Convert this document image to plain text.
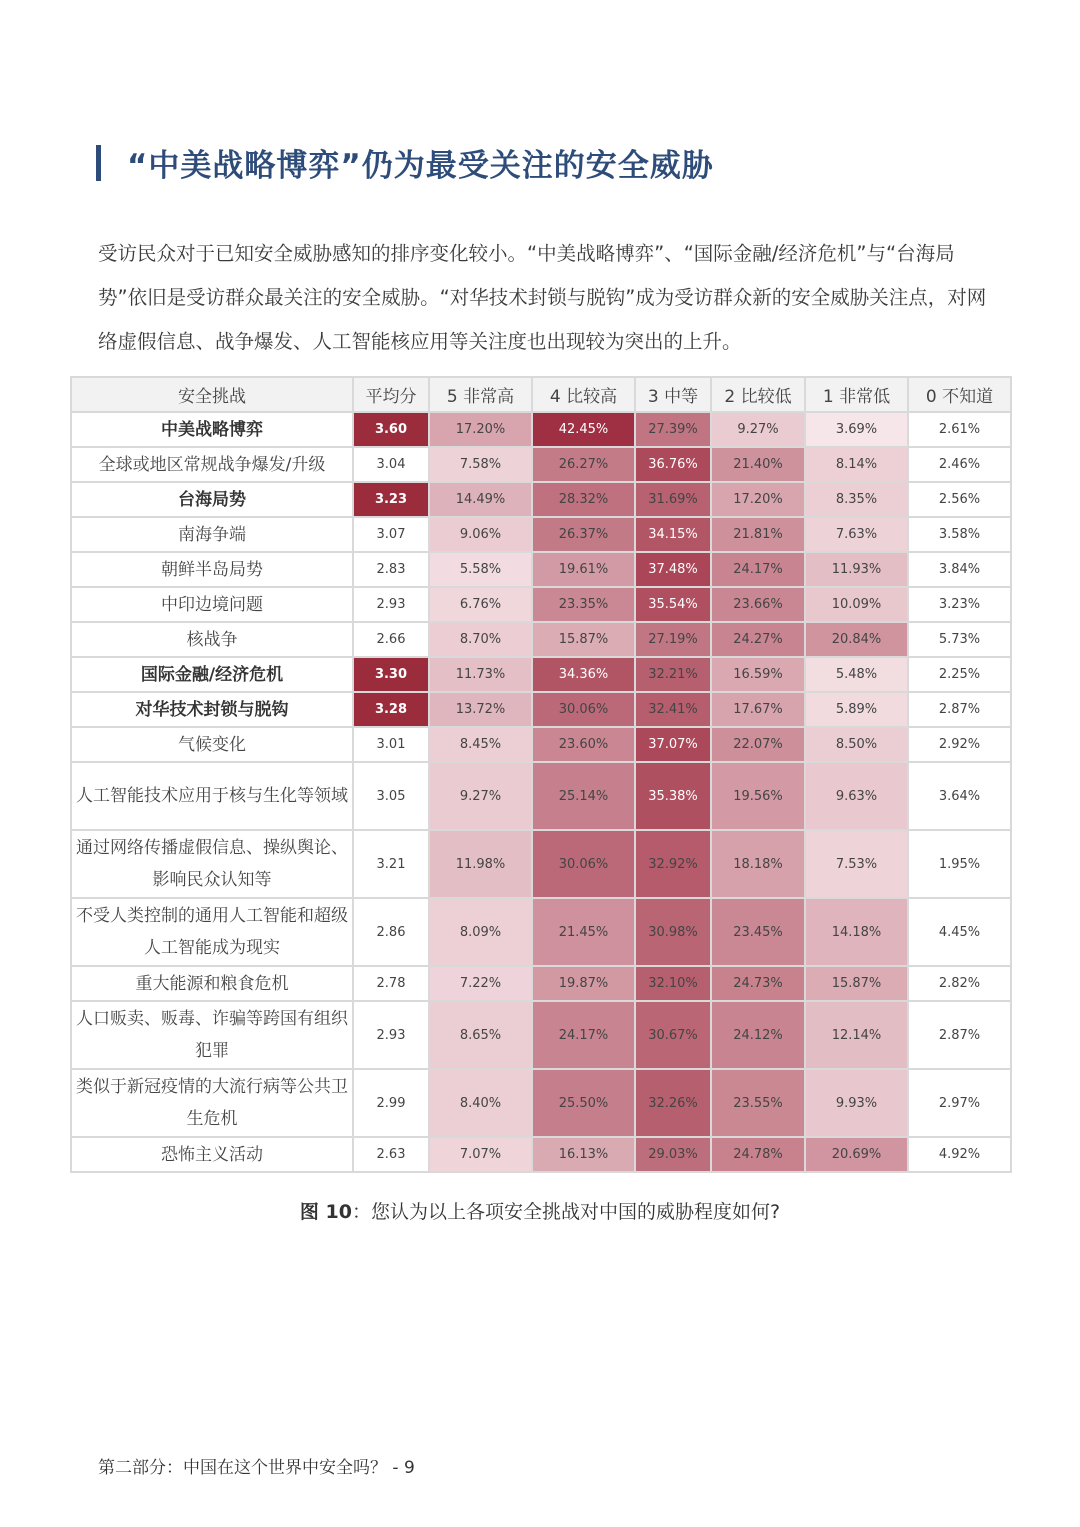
“中美战略博弈”仍为最受关注的安全威胁

受访民众对于已知安全威胁感知的排序变化较小。“中美战略博弈”、“国际金融/经济危机”与“台海局势”依旧是受访群众最关注的安全威胁。“对华技术封锁与脱钩”成为受访群众新的安全威胁关注点，对网络虚假信息、战争爆发、人工智能核应用等关注度也出现较为突出的上升。

安全挑战	平均分	5 非常高	4 比较高	3 中等	2 比较低	1 非常低	0 不知道
中美战略博弈	3.60	17.20%	42.45%	27.39%	9.27%	3.69%	2.61%
全球或地区常规战争爆发/升级	3.04	7.58%	26.27%	36.76%	21.40%	8.14%	2.46%
台海局势	3.23	14.49%	28.32%	31.69%	17.20%	8.35%	2.56%
南海争端	3.07	9.06%	26.37%	34.15%	21.81%	7.63%	3.58%
朝鲜半岛局势	2.83	5.58%	19.61%	37.48%	24.17%	11.93%	3.84%
中印边境问题	2.93	6.76%	23.35%	35.54%	23.66%	10.09%	3.23%
核战争	2.66	8.70%	15.87%	27.19%	24.27%	20.84%	5.73%
国际金融/经济危机	3.30	11.73%	34.36%	32.21%	16.59%	5.48%	2.25%
对华技术封锁与脱钩	3.28	13.72%	30.06%	32.41%	17.67%	5.89%	2.87%
气候变化	3.01	8.45%	23.60%	37.07%	22.07%	8.50%	2.92%
人工智能技术应用于核与生化等领域	3.05	9.27%	25.14%	35.38%	19.56%	9.63%	3.64%
通过网络传播虚假信息、操纵舆论、影响民众认知等	3.21	11.98%	30.06%	32.92%	18.18%	7.53%	1.95%
不受人类控制的通用人工智能和超级人工智能成为现实	2.86	8.09%	21.45%	30.98%	23.45%	14.18%	4.45%
重大能源和粮食危机	2.78	7.22%	19.87%	32.10%	24.73%	15.87%	2.82%
人口贩卖、贩毒、诈骗等跨国有组织犯罪	2.93	8.65%	24.17%	30.67%	24.12%	12.14%	2.87%
类似于新冠疫情的大流行病等公共卫生危机	2.99	8.40%	25.50%	32.26%	23.55%	9.93%	2.97%
恐怖主义活动	2.63	7.07%	16.13%	29.03%	24.78%	20.69%	4.92%
图 10：您认为以上各项安全挑战对中国的威胁程度如何?
第二部分：中国在这个世界中安全吗？ - 9
